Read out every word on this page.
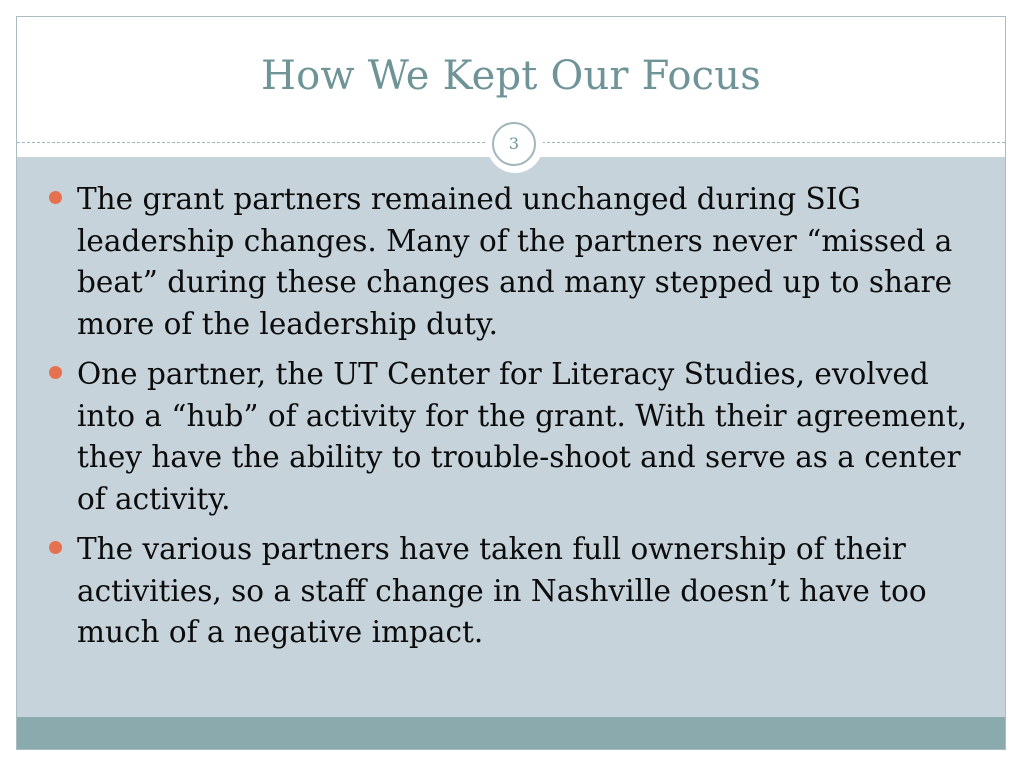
How We Kept Our Focus
3
The grant partners remained unchanged during SIG leadership changes. Many of the partners never “missed a beat” during these changes and many stepped up to share more of the leadership duty.
One partner, the UT Center for Literacy Studies, evolved into a “hub” of activity for the grant. With their agreement, they have the ability to trouble-shoot and serve as a center of activity.
The various partners have taken full ownership of their activities, so a staff change in Nashville doesn’t have too much of a negative impact.
